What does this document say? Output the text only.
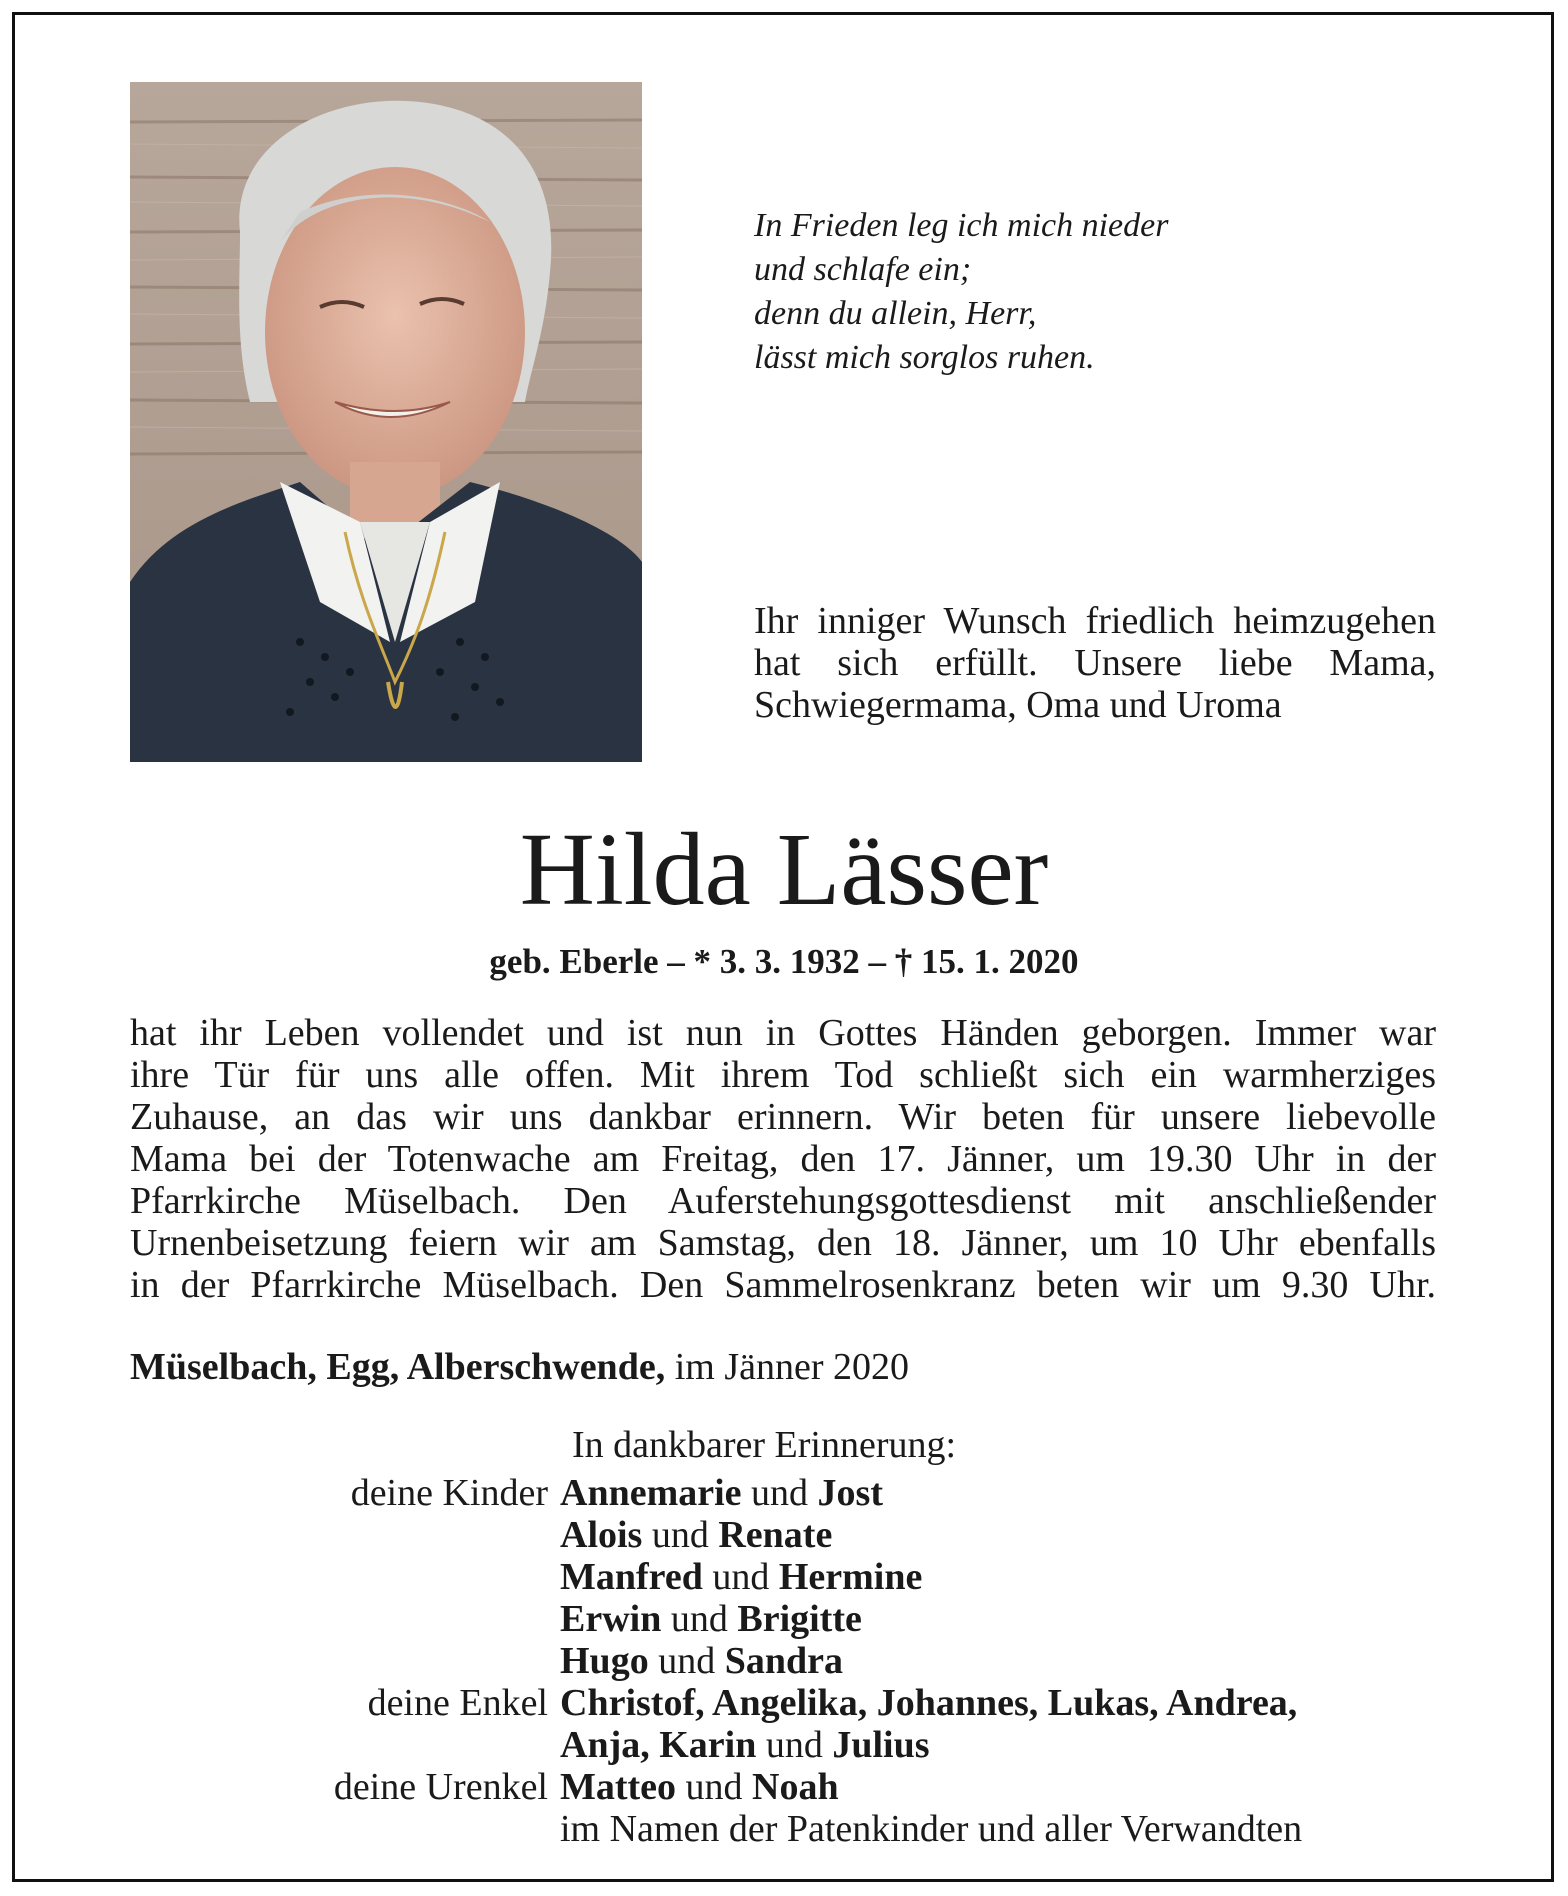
In Frieden leg ich mich nieder
und schlafe ein;
denn du allein, Herr,
lässt mich sorglos ruhen.
Ihr inniger Wunsch friedlich heimzugehen hat sich erfüllt. Unsere liebe Mama, Schwiegermama, Oma und Uroma
Hilda Lässer
geb. Eberle – * 3. 3. 1932 – † 15. 1. 2020
hat ihr Leben vollendet und ist nun in Gottes Händen geborgen. Immer war
ihre Tür für uns alle offen. Mit ihrem Tod schließt sich ein warmherziges
Zuhause, an das wir uns dankbar erinnern. Wir beten für unsere liebevolle
Mama bei der Totenwache am Freitag, den 17. Jänner, um 19.30 Uhr in der
Pfarrkirche Müselbach. Den Auferstehungsgottesdienst mit anschließender
Urnenbeisetzung feiern wir am Samstag, den 18. Jänner, um 10 Uhr ebenfalls
in der Pfarrkirche Müselbach. Den Sammelrosenkranz beten wir um 9.30 Uhr.
Müselbach, Egg, Alberschwende, im Jänner 2020
In dankbarer Erinnerung:
deine Kinder Annemarie und Jost
Alois und Renate
Manfred und Hermine
Erwin und Brigitte
Hugo und Sandra
deine Enkel Christof, Angelika, Johannes, Lukas, Andrea,
Anja, Karin und Julius
deine Urenkel Matteo und Noah
im Namen der Patenkinder und aller Verwandten
